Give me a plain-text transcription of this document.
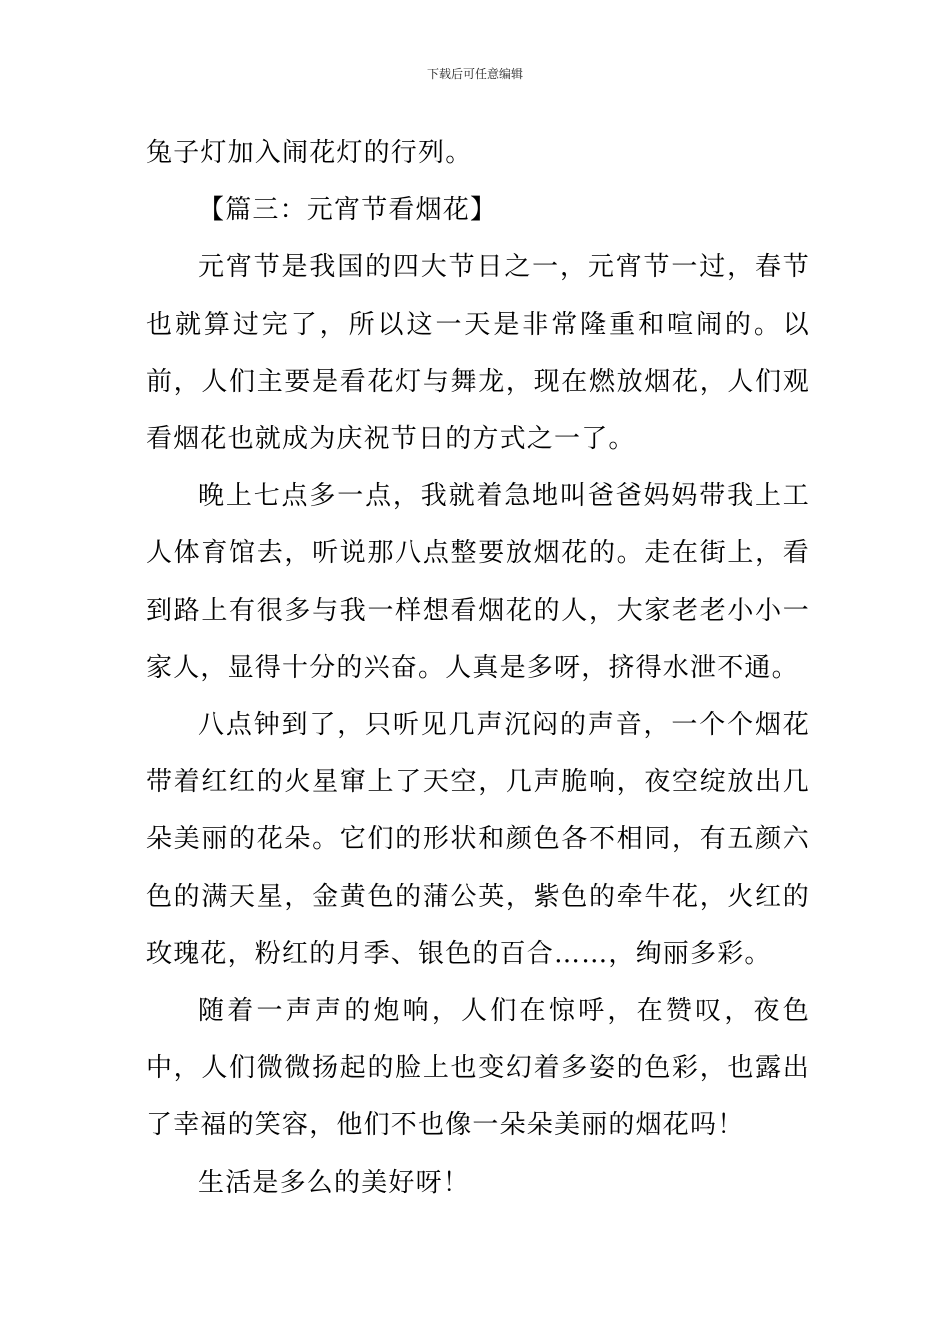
下载后可任意编辑

兔子灯加入闹花灯的行列。

【篇三：元宵节看烟花】

元宵节是我国的四大节日之一，元宵节一过，春节也就算过完了，所以这一天是非常隆重和喧闹的。以前，人们主要是看花灯与舞龙，现在燃放烟花，人们观看烟花也就成为庆祝节日的方式之一了。

晚上七点多一点，我就着急地叫爸爸妈妈带我上工人体育馆去，听说那八点整要放烟花的。走在街上，看到路上有很多与我一样想看烟花的人，大家老老小小一家人，显得十分的兴奋。人真是多呀，挤得水泄不通。

八点钟到了，只听见几声沉闷的声音，一个个烟花带着红红的火星窜上了天空，几声脆响，夜空绽放出几朵美丽的花朵。它们的形状和颜色各不相同，有五颜六色的满天星，金黄色的蒲公英，紫色的牵牛花，火红的玫瑰花，粉红的月季、银色的百合……，绚丽多彩。

随着一声声的炮响，人们在惊呼，在赞叹，夜色中，人们微微扬起的脸上也变幻着多姿的色彩，也露出了幸福的笑容，他们不也像一朵朵美丽的烟花吗！

生活是多么的美好呀！
